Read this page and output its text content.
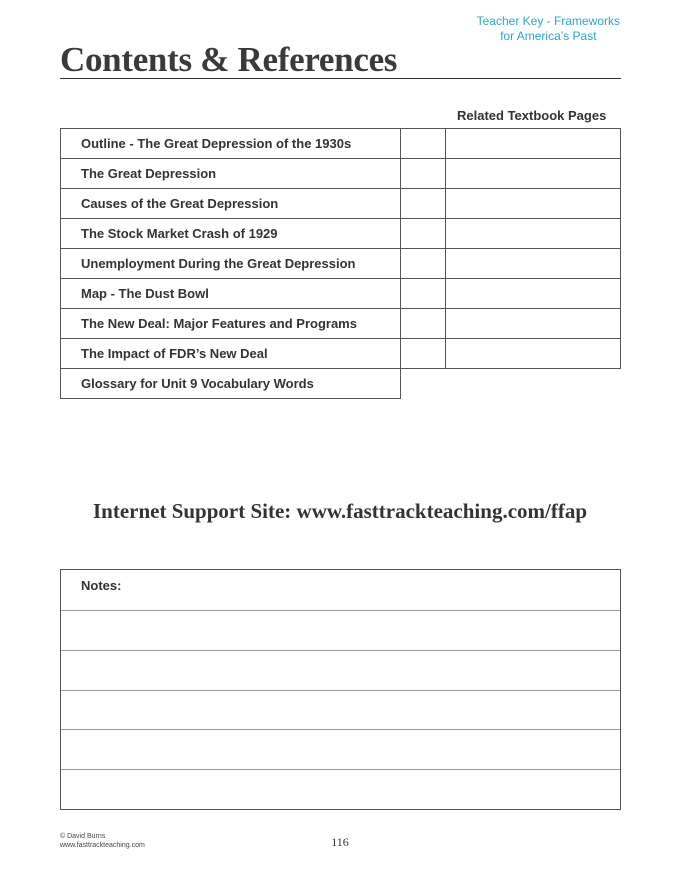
Teacher Key - Frameworks
for America’s Past
Contents & References
Related Textbook Pages
Outline - The Great Depression of the 1930s
The Great Depression
Causes of the Great Depression
The Stock Market Crash of 1929
Unemployment During the Great Depression
Map - The Dust Bowl
The New Deal: Major Features and Programs
The Impact of FDR’s New Deal
Glossary for Unit 9 Vocabulary Words
Internet Support Site: www.fasttrackteaching.com/ffap
Notes:
© David Burns
www.fasttrackteaching.com	116
